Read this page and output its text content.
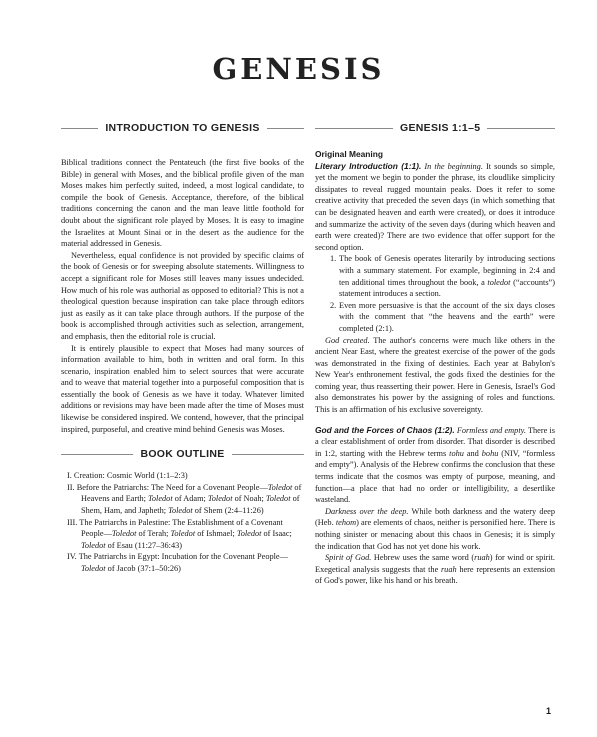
GENESIS
INTRODUCTION TO GENESIS

Biblical traditions connect the Pentateuch (the first five books of the Bible) in general with Moses, and the biblical profile given of the man Moses makes him perfectly suited, indeed, a most logical candidate, to compile the book of Genesis. Acceptance, therefore, of the biblical traditions concerning the canon and the man leave little foothold for doubt about the significant role played by Moses. It is easy to imagine the Israelites at Mount Sinai or in the desert as the audience for the material addressed in Genesis.

Nevertheless, equal confidence is not provided by specific claims of the book of Genesis or for sweeping absolute statements. Willingness to accept a significant role for Moses still leaves many issues undecided. How much of his role was authorial as opposed to editorial? This is not a theological question because inspiration can take place through editors just as easily as it can take place through authors. If the purpose of the book is accomplished through activities such as selection, arrangement, and emphasis, then the editorial role is crucial.

It is entirely plausible to expect that Moses had many sources of information available to him, both in written and oral form. In this scenario, inspiration enabled him to select sources that were accurate and to weave that material together into a purposeful composition that is essentially the book of Genesis as we have it today. Whatever limited additions or revisions may have been made after the time of Moses must likewise be considered inspired. We contend, however, that the principal inspired, purposeful, and creative mind behind Genesis was Moses.

BOOK OUTLINE
I. Creation: Cosmic World (1:1–2:3)
II. Before the Patriarchs: The Need for a Covenant People—Toledot of Heavens and Earth; Toledot of Adam; Toledot of Noah; Toledot of Shem, Ham, and Japheth; Toledot of Shem (2:4–11:26)
III. The Patriarchs in Palestine: The Establishment of a Covenant People—Toledot of Terah; Toledot of Ishmael; Toledot of Isaac; Toledot of Esau (11:27–36:43)
IV. The Patriarchs in Egypt: Incubation for the Covenant People—Toledot of Jacob (37:1–50:26)
GENESIS 1:1–5
Original Meaning

Literary Introduction (1:1). In the beginning. It sounds so simple, yet the moment we begin to ponder the phrase, its cloudlike simplicity dissipates to reveal rugged mountain peaks. Does it refer to some creative activity that preceded the seven days (in which something that can be designated heaven and earth were created), or does it introduce and summarize the activity of the seven days (during which heaven and earth were created)? There are two evidence that offer support for the second option.

1. The book of Genesis operates literarily by introducing sections with a summary statement. For example, beginning in 2:4 and ten additional times throughout the book, a toledot (“accounts”) statement introduces a section.
2. Even more persuasive is that the account of the six days closes with the comment that “the heavens and the earth” were completed (2:1).

God created. The author's concerns were much like others in the ancient Near East, where the greatest exercise of the power of the gods was demonstrated in the fixing of destinies. Each year at Babylon's New Year's enthronement festival, the gods fixed the destinies for the coming year, thus reasserting their power. Here in Genesis, Israel's God also demonstrates his power by the assigning of roles and functions. This is an affirmation of his exclusive sovereignty.

God and the Forces of Chaos (1:2). Formless and empty. There is a clear establishment of order from disorder. That disorder is described in 1:2, starting with the Hebrew terms tohu and bohu (NIV, “formless and empty”). Analysis of the Hebrew confirms the conclusion that these terms indicate that the cosmos was empty of purpose, meaning, and function—a place that had no order or intelligibility, a desertlike wasteland.

Darkness over the deep. While both darkness and the watery deep (Heb. tehom) are elements of chaos, neither is personified here. There is nothing sinister or menacing about this chaos in Genesis; it is simply the indication that God has not yet done his work.

Spirit of God. Hebrew uses the same word (ruah) for wind or spirit. Exegetical analysis suggests that the ruah here represents an extension of God's power, like his hand or his breath.

1
